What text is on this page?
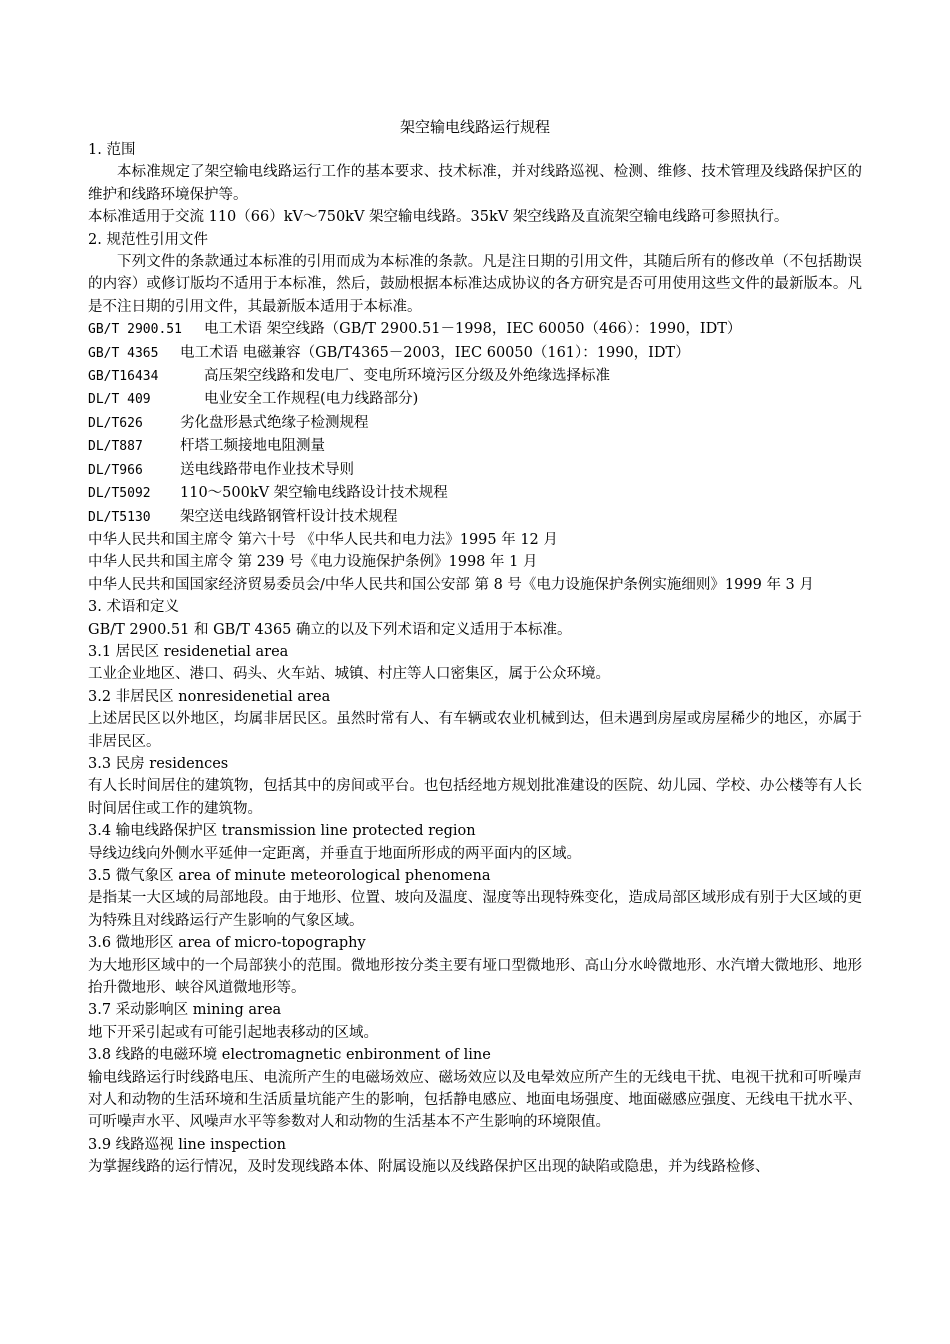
架空输电线路运行规程
1. 范围
本标准规定了架空输电线路运行工作的基本要求、技术标准，并对线路巡视、检测、维修、技术管理及线路保护区的维护和线路环境保护等。
本标准适用于交流 110（66）kV～750kV 架空输电线路。35kV 架空线路及直流架空输电线路可参照执行。
2. 规范性引用文件
下列文件的条款通过本标准的引用而成为本标准的条款。凡是注日期的引用文件，其随后所有的修改单（不包括勘误的内容）或修订版均不适用于本标准，然后，鼓励根据本标准达成协议的各方研究是否可用使用这些文件的最新版本。凡是不注日期的引用文件，其最新版本适用于本标准。
GB/T 2900.51 电工术语 架空线路（GB/T 2900.51－1998，IEC 60050（466）：1990，IDT）
GB/T 4365 电工术语 电磁兼容（GB/T4365－2003，IEC 60050（161）：1990，IDT）
GB/T16434	高压架空线路和发电厂、变电所环境污区分级及外绝缘选择标准
DL/T 409	电业安全工作规程(电力线路部分)
DL/T626	劣化盘形悬式绝缘子检测规程
DL/T887	杆塔工频接地电阻测量
DL/T966	送电线路带电作业技术导则
DL/T5092 110～500kV 架空输电线路设计技术规程
DL/T5130 架空送电线路钢管杆设计技术规程
中华人民共和国主席令 第六十号 《中华人民共和电力法》1995 年 12 月
中华人民共和国主席令 第 239 号《电力设施保护条例》1998 年 1 月
中华人民共和国国家经济贸易委员会/中华人民共和国公安部 第 8 号《电力设施保护条例实施细则》1999 年 3 月
3. 术语和定义
GB/T 2900.51 和 GB/T 4365 确立的以及下列术语和定义适用于本标准。
3.1 居民区 residenetial area
工业企业地区、港口、码头、火车站、城镇、村庄等人口密集区，属于公众环境。
3.2 非居民区 nonresidenetial area
上述居民区以外地区，均属非居民区。虽然时常有人、有车辆或农业机械到达，但未遇到房屋或房屋稀少的地区，亦属于非居民区。
3.3 民房 residences
有人长时间居住的建筑物，包括其中的房间或平台。也包括经地方规划批准建设的医院、幼儿园、学校、办公楼等有人长时间居住或工作的建筑物。
3.4 输电线路保护区 transmission line protected region
导线边线向外侧水平延伸一定距离，并垂直于地面所形成的两平面内的区域。
3.5 微气象区 area of minute meteorological phenomena
是指某一大区域的局部地段。由于地形、位置、坡向及温度、湿度等出现特殊变化，造成局部区域形成有别于大区域的更为特殊且对线路运行产生影响的气象区域。
3.6 微地形区 area of micro-topography
为大地形区域中的一个局部狭小的范围。微地形按分类主要有垭口型微地形、高山分水岭微地形、水汽增大微地形、地形抬升微地形、峡谷风道微地形等。
3.7 采动影响区 mining area
地下开采引起或有可能引起地表移动的区域。
3.8 线路的电磁环境 electromagnetic enbironment of line
输电线路运行时线路电压、电流所产生的电磁场效应、磁场效应以及电晕效应所产生的无线电干扰、电视干扰和可听噪声对人和动物的生活环境和生活质量坑能产生的影响，包括静电感应、地面电场强度、地面磁感应强度、无线电干扰水平、可听噪声水平、风噪声水平等参数对人和动物的生活基本不产生影响的环境限值。
3.9 线路巡视 line inspection
为掌握线路的运行情况，及时发现线路本体、附属设施以及线路保护区出现的缺陷或隐患，并为线路检修、
